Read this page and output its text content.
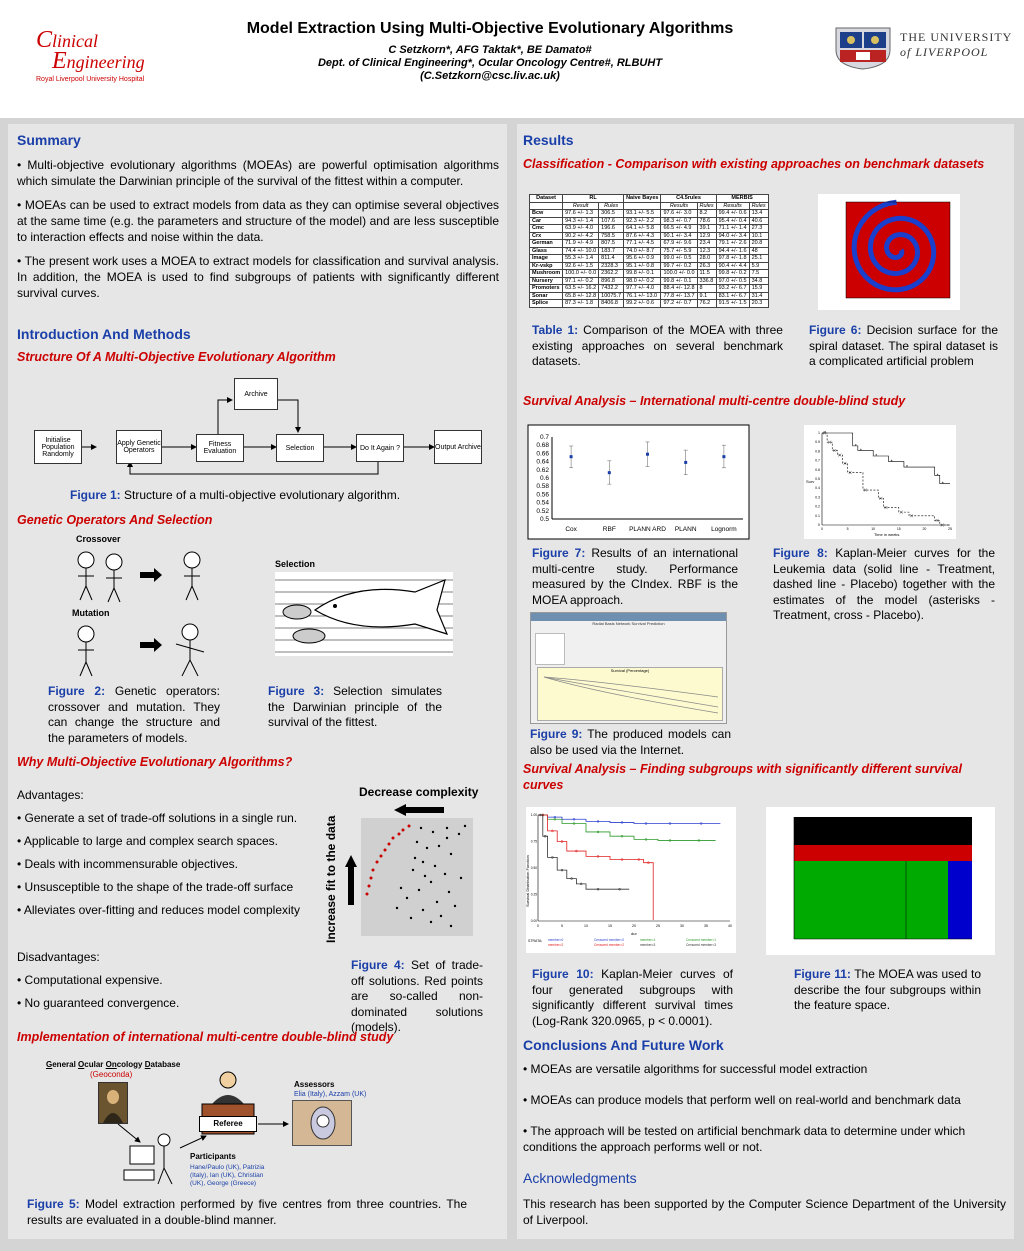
Clinical
Engineering
Royal Liverpool University Hospital
Model Extraction Using Multi-Objective Evolutionary Algorithms
C Setzkorn*, AFG Taktak*, BE Damato#
Dept. of Clinical Engineering*, Ocular Oncology Centre#, RLBUHT
(C.Setzkorn@csc.liv.ac.uk)
THE UNIVERSITY
of LIVERPOOL
Summary
• Multi-objective evolutionary algorithms (MOEAs) are powerful optimisation algorithms which simulate the Darwinian principle of the survival of the fittest within a computer.
• MOEAs can be used to extract models from data as they can optimise several objectives at the same time (e.g. the parameters and structure of the model) and are less susceptible to interaction effects and noise within the data.
• The present work uses a MOEA to extract models for classification and survival analysis. In addition, the MOEA is used to find subgroups of patients with significantly different survival curves.
Introduction And Methods
Structure Of A Multi-Objective Evolutionary Algorithm
Archive
Initialise Population Randomly
Apply Genetic Operators
Fitness Evaluation	Selection	Do It Again ?	Output Archive
Figure 1: Structure of a multi-objective evolutionary algorithm.
Genetic Operators And Selection
Crossover
Mutation
Selection
Figure 2: Genetic operators: crossover and mutation. They can change the structure and the parameters of models.
Figure 3: Selection simulates the Darwinian principle of the survival of the fittest.
Why Multi-Objective Evolutionary Algorithms?
Advantages:
• Generate a set of trade-off solutions in a single run.
• Applicable to large and complex search spaces.
• Deals with incommensurable objectives.
• Unsusceptible to the shape of the trade-off surface
• Alleviates over-fitting and reduces model complexity
Disadvantages:
• Computational expensive.
• No guaranteed convergence.
Decrease complexity
Increase fit to the data
Figure 4: Set of trade-off solutions. Red points are so-called non-dominated solutions (models).
Implementation of international multi-centre double-blind study
General Ocular Oncology Database
(Geoconda)
Referee
Assessors
Elia (Italy), Azzam (UK)
Participants
Hane/Paulo (UK), Patrizia (Italy), Ian (UK), Christian (UK), George (Greece)
Figure 5: Model extraction performed by five centres from three countries. The results are evaluated in a double-blind manner.
Results
Classification - Comparison with existing approaches on benchmark datasets
Dataset	RL		Naive Bayes	C4.5rules		MERBIS	
	Result	Rules		Results	Rules	Results	Rules
Bcw	97.6 +/- 1.3	306.5	93.1 +/- 5.5	97.6 +/- 3.0	8.2	99.4 +/- 0.6	13.4
Car	94.3 +/- 1.4	107.6	92.3 +/- 2.2	98.3 +/- 0.7	78.6	95.4 +/- 0.4	40.6
Cmc	63.9 +/- 4.0	196.6	64.1 +/- 5.8	66.5 +/- 4.9	39.1	71.1 +/- 1.4	27.3
Crx	90.2 +/- 4.2	758.5	87.6 +/- 4.3	90.1 +/- 3.4	12.9	94.0 +/- 3.4	10.1
German	71.9 +/- 4.9	807.5	77.1 +/- 4.5	67.9 +/- 9.6	23.4	79.1 +/- 2.6	20.8
Glass	74.4 +/- 10.0	183.7	74.0 +/- 8.7	75.7 +/- 5.9	12.3	94.4 +/- 1.6	48
Image	55.3 +/- 1.4	811.4	95.6 +/- 0.9	99.0 +/- 0.5	28.0	97.8 +/- 1.8	25.1
Kr-vskp	92.6 +/- 1.5	2328.3	95.1 +/- 0.8	99.7 +/- 0.2	26.3	90.4 +/- 4.4	5.9
Mushroom	100.0 +/- 0.0	2362.2	99.8 +/- 0.1	100.0 +/- 0.0	11.5	99.8 +/- 0.2	7.5
Nursery	97.1 +/- 0.2	896.8	98.0 +/- 0.2	99.8 +/- 0.1	336.8	97.0 +/- 0.5	34.8
Promoters	63.5 +/- 16.2	7432.2	97.7 +/- 4.0	88.4 +/- 12.8	8	93.2 +/- 6.7	15.9
Sonar	65.8 +/- 12.8	10075.7	76.1 +/- 13.0	77.8 +/- 13.7	9.1	83.1 +/- 6.7	31.4
Splice	87.3 +/- 1.8	8406.8	99.2 +/- 0.6	97.2 +/- 0.7	76.2	91.5 +/- 1.5	20.3
Table 1: Comparison of the MOEA with three existing approaches on several benchmark datasets.
Figure 6: Decision surface for the spiral dataset. The spiral dataset is a complicated artificial problem
Survival Analysis – International multi-centre double-blind study
0.7
0.68
0.66
0.64
0.62
0.6
0.58
0.56
0.54
0.52
0.5
Cox	RBF PLANN ARD PLANN Lognorm	0	5	10	15	20	25
0
0.1
0.2
0.3
0.4
0.5
0.6
0.7
0.8
0.9
1 *
*
*
*
*
*
*
*
Surv
Time in weeks
Figure 7: Results of an international multi-centre study. Performance measured by the CIndex. RBF is the MOEA approach.
Figure 8: Kaplan-Meier curves for the Leukemia data (solid line - Treatment, dashed line - Placebo) together with the estimates of the model (asterisks - Treatment, cross - Placebo).
Radial Basis Network Survival Prediction
Survival (Percentage)
Figure 9: The produced models can also be used via the Internet.
Survival Analysis – Finding subgroups with significantly different survival curves
0	5	10	15	20	25	30	35	40
0.00
0.25
0.50
0.75
1.00
Survival Distribution Function
dur
STRATA: member=0	Censored member=0	member=1	Censored member=1
member=2	Censored member=2	member=3	Censored member=3
Figure 10: Kaplan-Meier curves of four generated subgroups with significantly different survival times (Log-Rank 320.0965, p < 0.0001).
Figure 11: The MOEA was used to describe the four subgroups within the feature space.
Conclusions And Future Work
• MOEAs are versatile algorithms for successful model extraction
• MOEAs can produce models that perform well on real-world and benchmark data
• The approach will be tested on artificial benchmark data to determine under which conditions the approach performs well or not.
Acknowledgments
This research has been supported by the Computer Science Department of the University of Liverpool.
